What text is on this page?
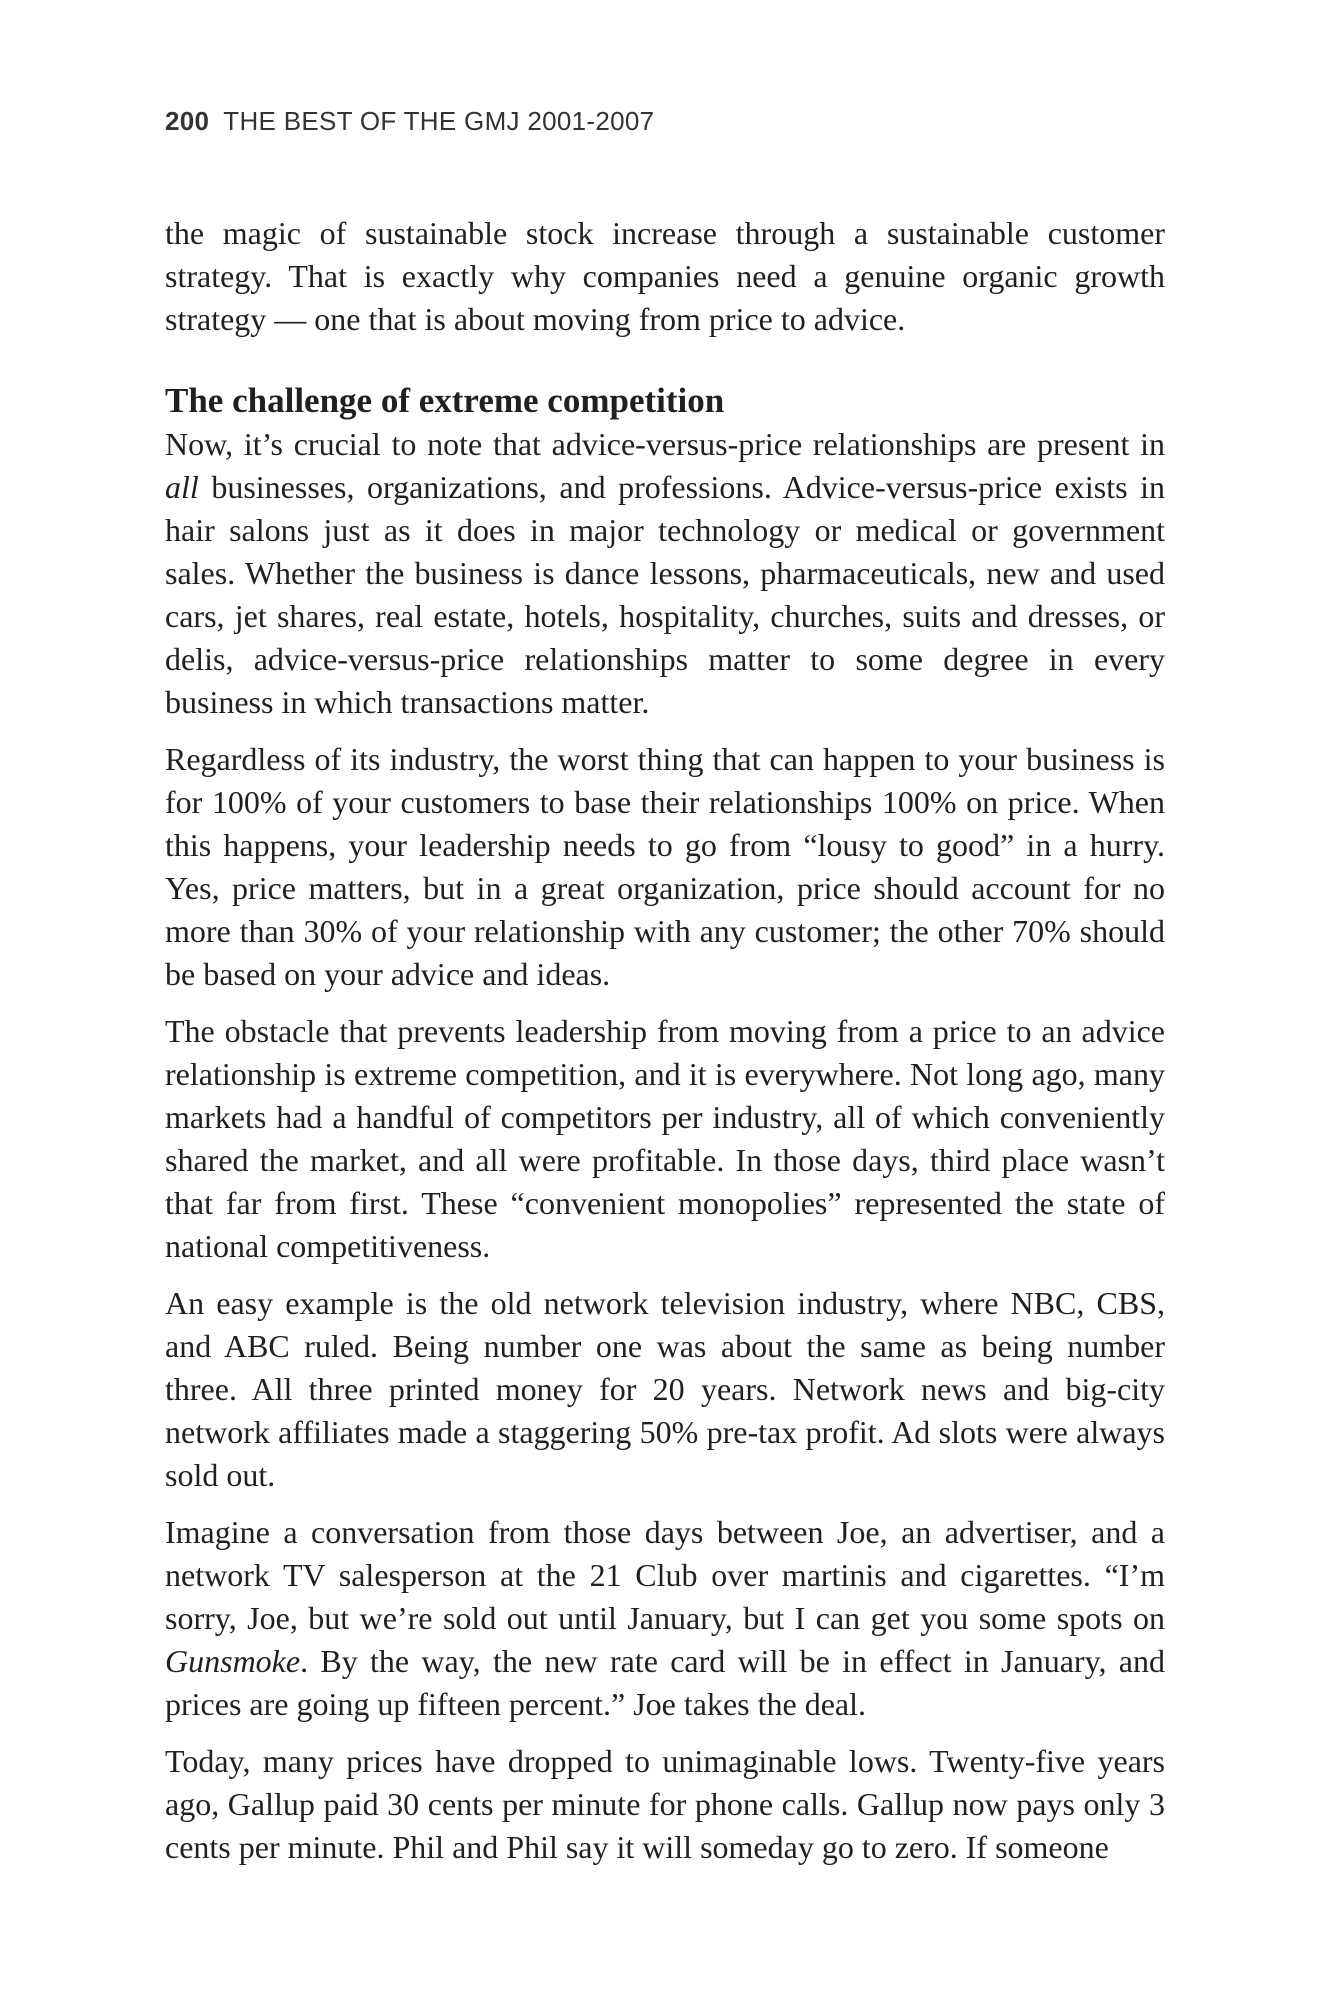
200 THE BEST OF THE GMJ 2001-2007

the magic of sustainable stock increase through a sustainable customer strategy. That is exactly why companies need a genuine organic growth strategy — one that is about moving from price to advice.

The challenge of extreme competition

Now, it’s crucial to note that advice-versus-price relationships are present in all businesses, organizations, and professions. Advice-versus-price exists in hair salons just as it does in major technology or medical or government sales. Whether the business is dance lessons, pharmaceuticals, new and used cars, jet shares, real estate, hotels, hospitality, churches, suits and dresses, or delis, advice-versus-price relationships matter to some degree in every business in which transactions matter.

Regardless of its industry, the worst thing that can happen to your business is for 100% of your customers to base their relationships 100% on price. When this happens, your leadership needs to go from “lousy to good” in a hurry. Yes, price matters, but in a great organization, price should account for no more than 30% of your relationship with any customer; the other 70% should be based on your advice and ideas.

The obstacle that prevents leadership from moving from a price to an advice relationship is extreme competition, and it is everywhere. Not long ago, many markets had a handful of competitors per industry, all of which conveniently shared the market, and all were profitable. In those days, third place wasn’t that far from first. These “convenient monopolies” represented the state of national competitiveness.

An easy example is the old network television industry, where NBC, CBS, and ABC ruled. Being number one was about the same as being number three. All three printed money for 20 years. Network news and big-city network affiliates made a staggering 50% pre-tax profit. Ad slots were always sold out.

Imagine a conversation from those days between Joe, an advertiser, and a network TV salesperson at the 21 Club over martinis and cigarettes. “I’m sorry, Joe, but we’re sold out until January, but I can get you some spots on Gunsmoke. By the way, the new rate card will be in effect in January, and prices are going up fifteen percent.” Joe takes the deal.

Today, many prices have dropped to unimaginable lows. Twenty-five years ago, Gallup paid 30 cents per minute for phone calls. Gallup now pays only 3 cents per minute. Phil and Phil say it will someday go to zero. If someone
